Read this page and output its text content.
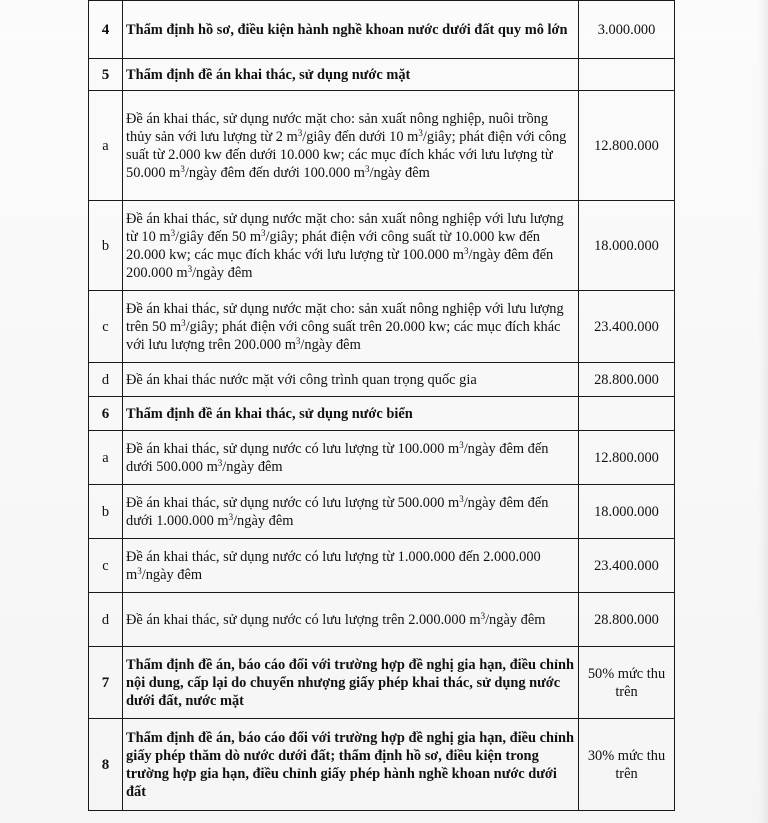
4	Thẩm định hồ sơ, điều kiện hành nghề khoan nước dưới đất quy mô lớn	3.000.000
5	Thẩm định đề án khai thác, sử dụng nước mặt	
a	Đề án khai thác, sử dụng nước mặt cho: sản xuất nông nghiệp, nuôi trồng thủy sản với lưu lượng từ 2 $m^3$/giây đến dưới 10 $m^3$/giây; phát điện với công suất từ 2.000 kw đến dưới 10.000 kw; các mục đích khác với lưu lượng từ 50.000 $m^3$/ngày đêm đến dưới 100.000 $m^3$/ngày đêm	12.800.000
b	Đề án khai thác, sử dụng nước mặt cho: sản xuất nông nghiệp với lưu lượng từ 10 $m^3$/giây đến 50 $m^3$/giây; phát điện với công suất từ 10.000 kw đến 20.000 kw; các mục đích khác với lưu lượng từ 100.000 $m^3$/ngày đêm đến 200.000 $m^3$/ngày đêm	18.000.000
c	Đề án khai thác, sử dụng nước mặt cho: sản xuất nông nghiệp với lưu lượng trên 50 $m^3$/giây; phát điện với công suất trên 20.000 kw; các mục đích khác với lưu lượng trên 200.000 $m^3$/ngày đêm	23.400.000
d	Đề án khai thác nước mặt với công trình quan trọng quốc gia	28.800.000
6	Thẩm định đề án khai thác, sử dụng nước biển	
a	Đề án khai thác, sử dụng nước có lưu lượng từ 100.000 $m^3$/ngày đêm đến dưới 500.000 $m^3$/ngày đêm	12.800.000
b	Đề án khai thác, sử dụng nước có lưu lượng từ 500.000 $m^3$/ngày đêm đến dưới 1.000.000 $m^3$/ngày đêm	18.000.000
c	Đề án khai thác, sử dụng nước có lưu lượng từ 1.000.000 đến 2.000.000 $m^3$/ngày đêm	23.400.000
d	Đề án khai thác, sử dụng nước có lưu lượng trên 2.000.000 $m^3$/ngày đêm	28.800.000
7	Thẩm định đề án, báo cáo đối với trường hợp đề nghị gia hạn, điều chỉnh nội dung, cấp lại do chuyển nhượng giấy phép khai thác, sử dụng nước dưới đất, nước mặt	50% mức thu trên
8	Thẩm định đề án, báo cáo đối với trường hợp đề nghị gia hạn, điều chỉnh giấy phép thăm dò nước dưới đất; thẩm định hồ sơ, điều kiện trong trường hợp gia hạn, điều chỉnh giấy phép hành nghề khoan nước dưới đất	30% mức thu trên
